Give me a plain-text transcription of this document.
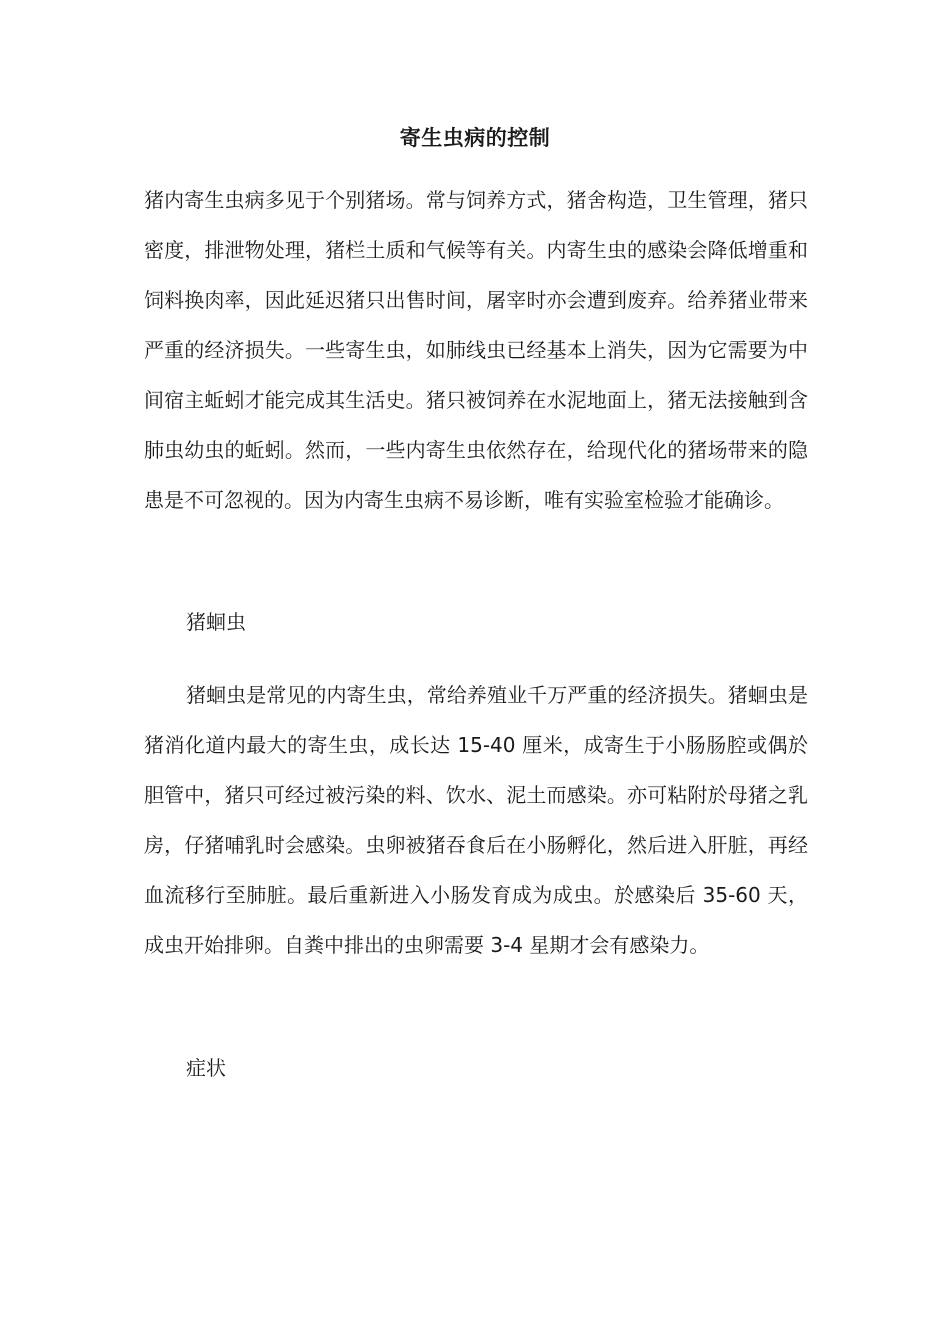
寄生虫病的控制

猪内寄生虫病多见于个别猪场。常与饲养方式，猪舍构造，卫生管理，猪只密度，排泄物处理，猪栏土质和气候等有关。内寄生虫的感染会降低增重和饲料换肉率，因此延迟猪只出售时间，屠宰时亦会遭到废弃。给养猪业带来严重的经济损失。一些寄生虫，如肺线虫已经基本上消失，因为它需要为中间宿主蚯蚓才能完成其生活史。猪只被饲养在水泥地面上，猪无法接触到含肺虫幼虫的蚯蚓。然而，一些内寄生虫依然存在，给现代化的猪场带来的隐患是不可忽视的。因为内寄生虫病不易诊断，唯有实验室检验才能确诊。

猪蛔虫

猪蛔虫是常见的内寄生虫，常给养殖业千万严重的经济损失。猪蛔虫是猪消化道内最大的寄生虫，成长达 15-40 厘米，成寄生于小肠肠腔或偶於胆管中，猪只可经过被污染的料、饮水、泥土而感染。亦可粘附於母猪之乳房，仔猪哺乳时会感染。虫卵被猪吞食后在小肠孵化，然后进入肝脏，再经血流移行至肺脏。最后重新进入小肠发育成为成虫。於感染后 35-60 天，成虫开始排卵。自粪中排出的虫卵需要 3-4 星期才会有感染力。

症状
